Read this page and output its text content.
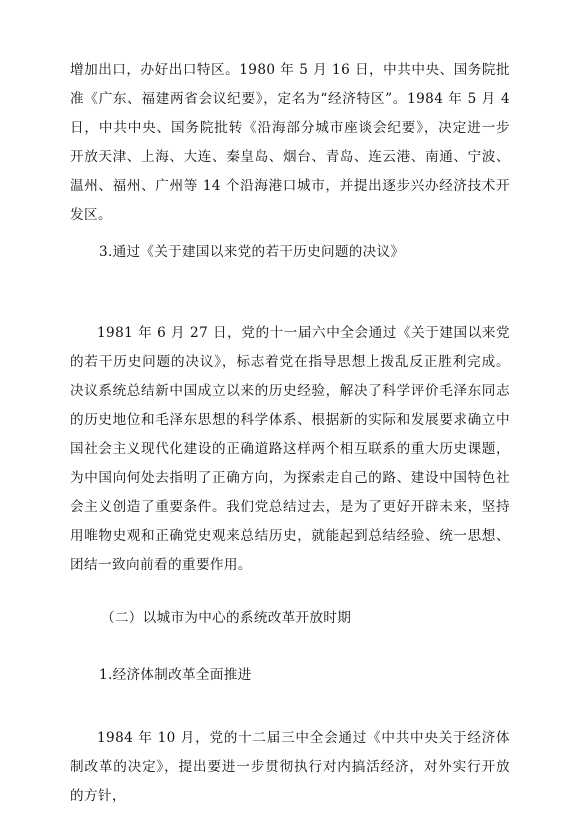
增加出口，办好出口特区。1980 年 5 月 16 日，中共中央、国务院批准《广东、福建两省会议纪要》，定名为“经济特区”。1984 年 5 月 4 日，中共中央、国务院批转《沿海部分城市座谈会纪要》，决定进一步开放天津、上海、大连、秦皇岛、烟台、青岛、连云港、南通、宁波、温州、福州、广州等 14 个沿海港口城市，并提出逐步兴办经济技术开发区。

3.通过《关于建国以来党的若干历史问题的决议》

1981 年 6 月 27 日，党的十一届六中全会通过《关于建国以来党的若干历史问题的决议》，标志着党在指导思想上拨乱反正胜利完成。决议系统总结新中国成立以来的历史经验，解决了科学评价毛泽东同志的历史地位和毛泽东思想的科学体系、根据新的实际和发展要求确立中国社会主义现代化建设的正确道路这样两个相互联系的重大历史课题，为中国向何处去指明了正确方向，为探索走自己的路、建设中国特色社会主义创造了重要条件。我们党总结过去，是为了更好开辟未来，坚持用唯物史观和正确党史观来总结历史，就能起到总结经验、统一思想、团结一致向前看的重要作用。

（二）以城市为中心的系统改革开放时期

1.经济体制改革全面推进

1984 年 10 月，党的十二届三中全会通过《中共中央关于经济体制改革的决定》，提出要进一步贯彻执行对内搞活经济，对外实行开放的方针，
